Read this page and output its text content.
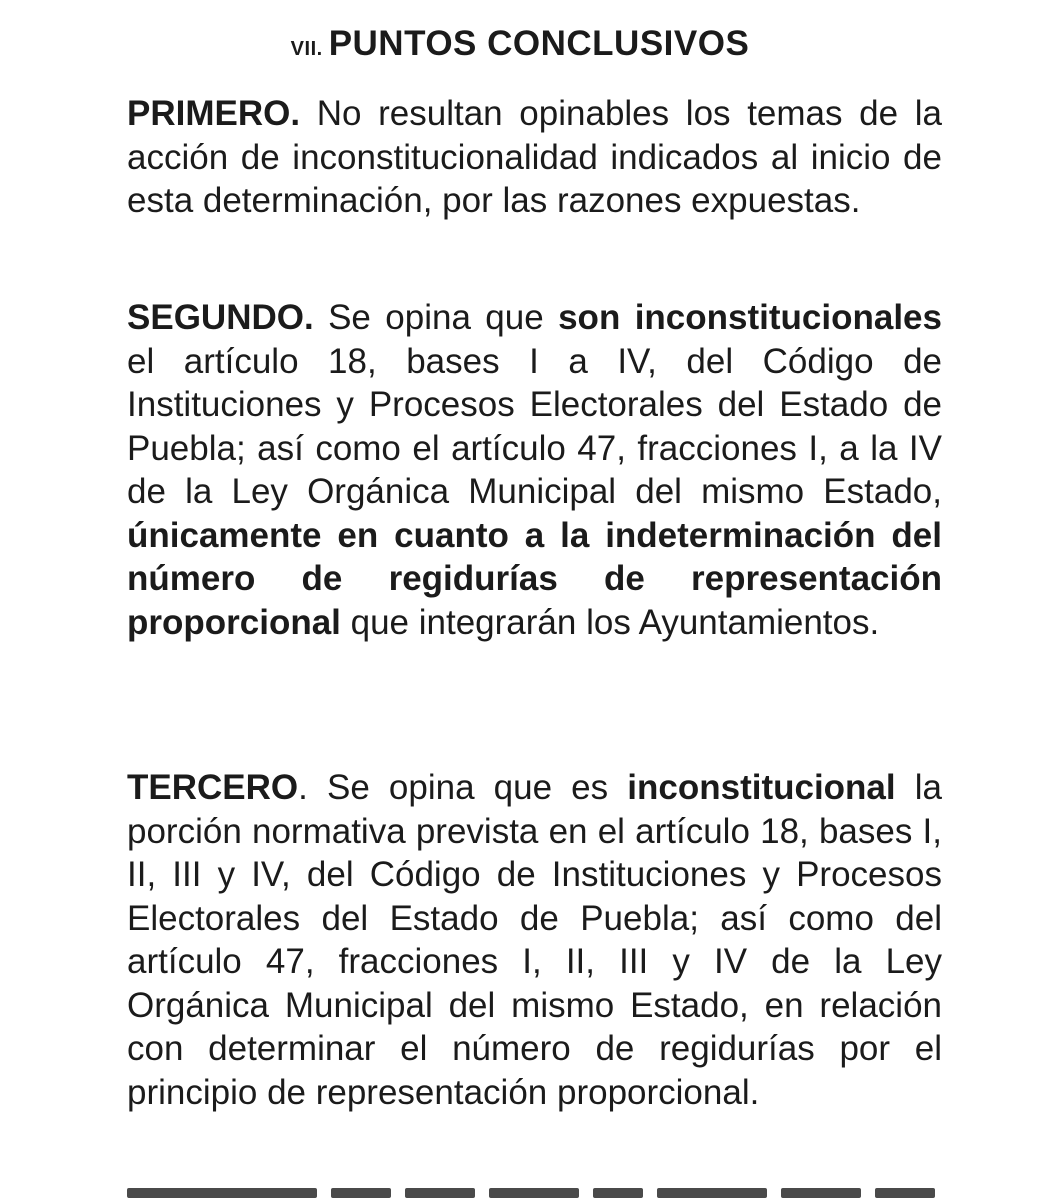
VII. PUNTOS CONCLUSIVOS

PRIMERO. No resultan opinables los temas de la acción de inconstitucionalidad indicados al inicio de esta determinación, por las razones expuestas.

SEGUNDO. Se opina que son inconstitucionales el artículo 18, bases I a IV, del Código de Instituciones y Procesos Electorales del Estado de Puebla; así como el artículo 47, fracciones I, a la IV de la Ley Orgánica Municipal del mismo Estado, únicamente en cuanto a la indeterminación del número de regidurías de representación proporcional que integrarán los Ayuntamientos.

TERCERO. Se opina que es inconstitucional la porción normativa prevista en el artículo 18, bases I, II, III y IV, del Código de Instituciones y Procesos Electorales del Estado de Puebla; así como del artículo 47, fracciones I, II, III y IV de la Ley Orgánica Municipal del mismo Estado, en relación con determinar el número de regidurías por el principio de representación proporcional.
